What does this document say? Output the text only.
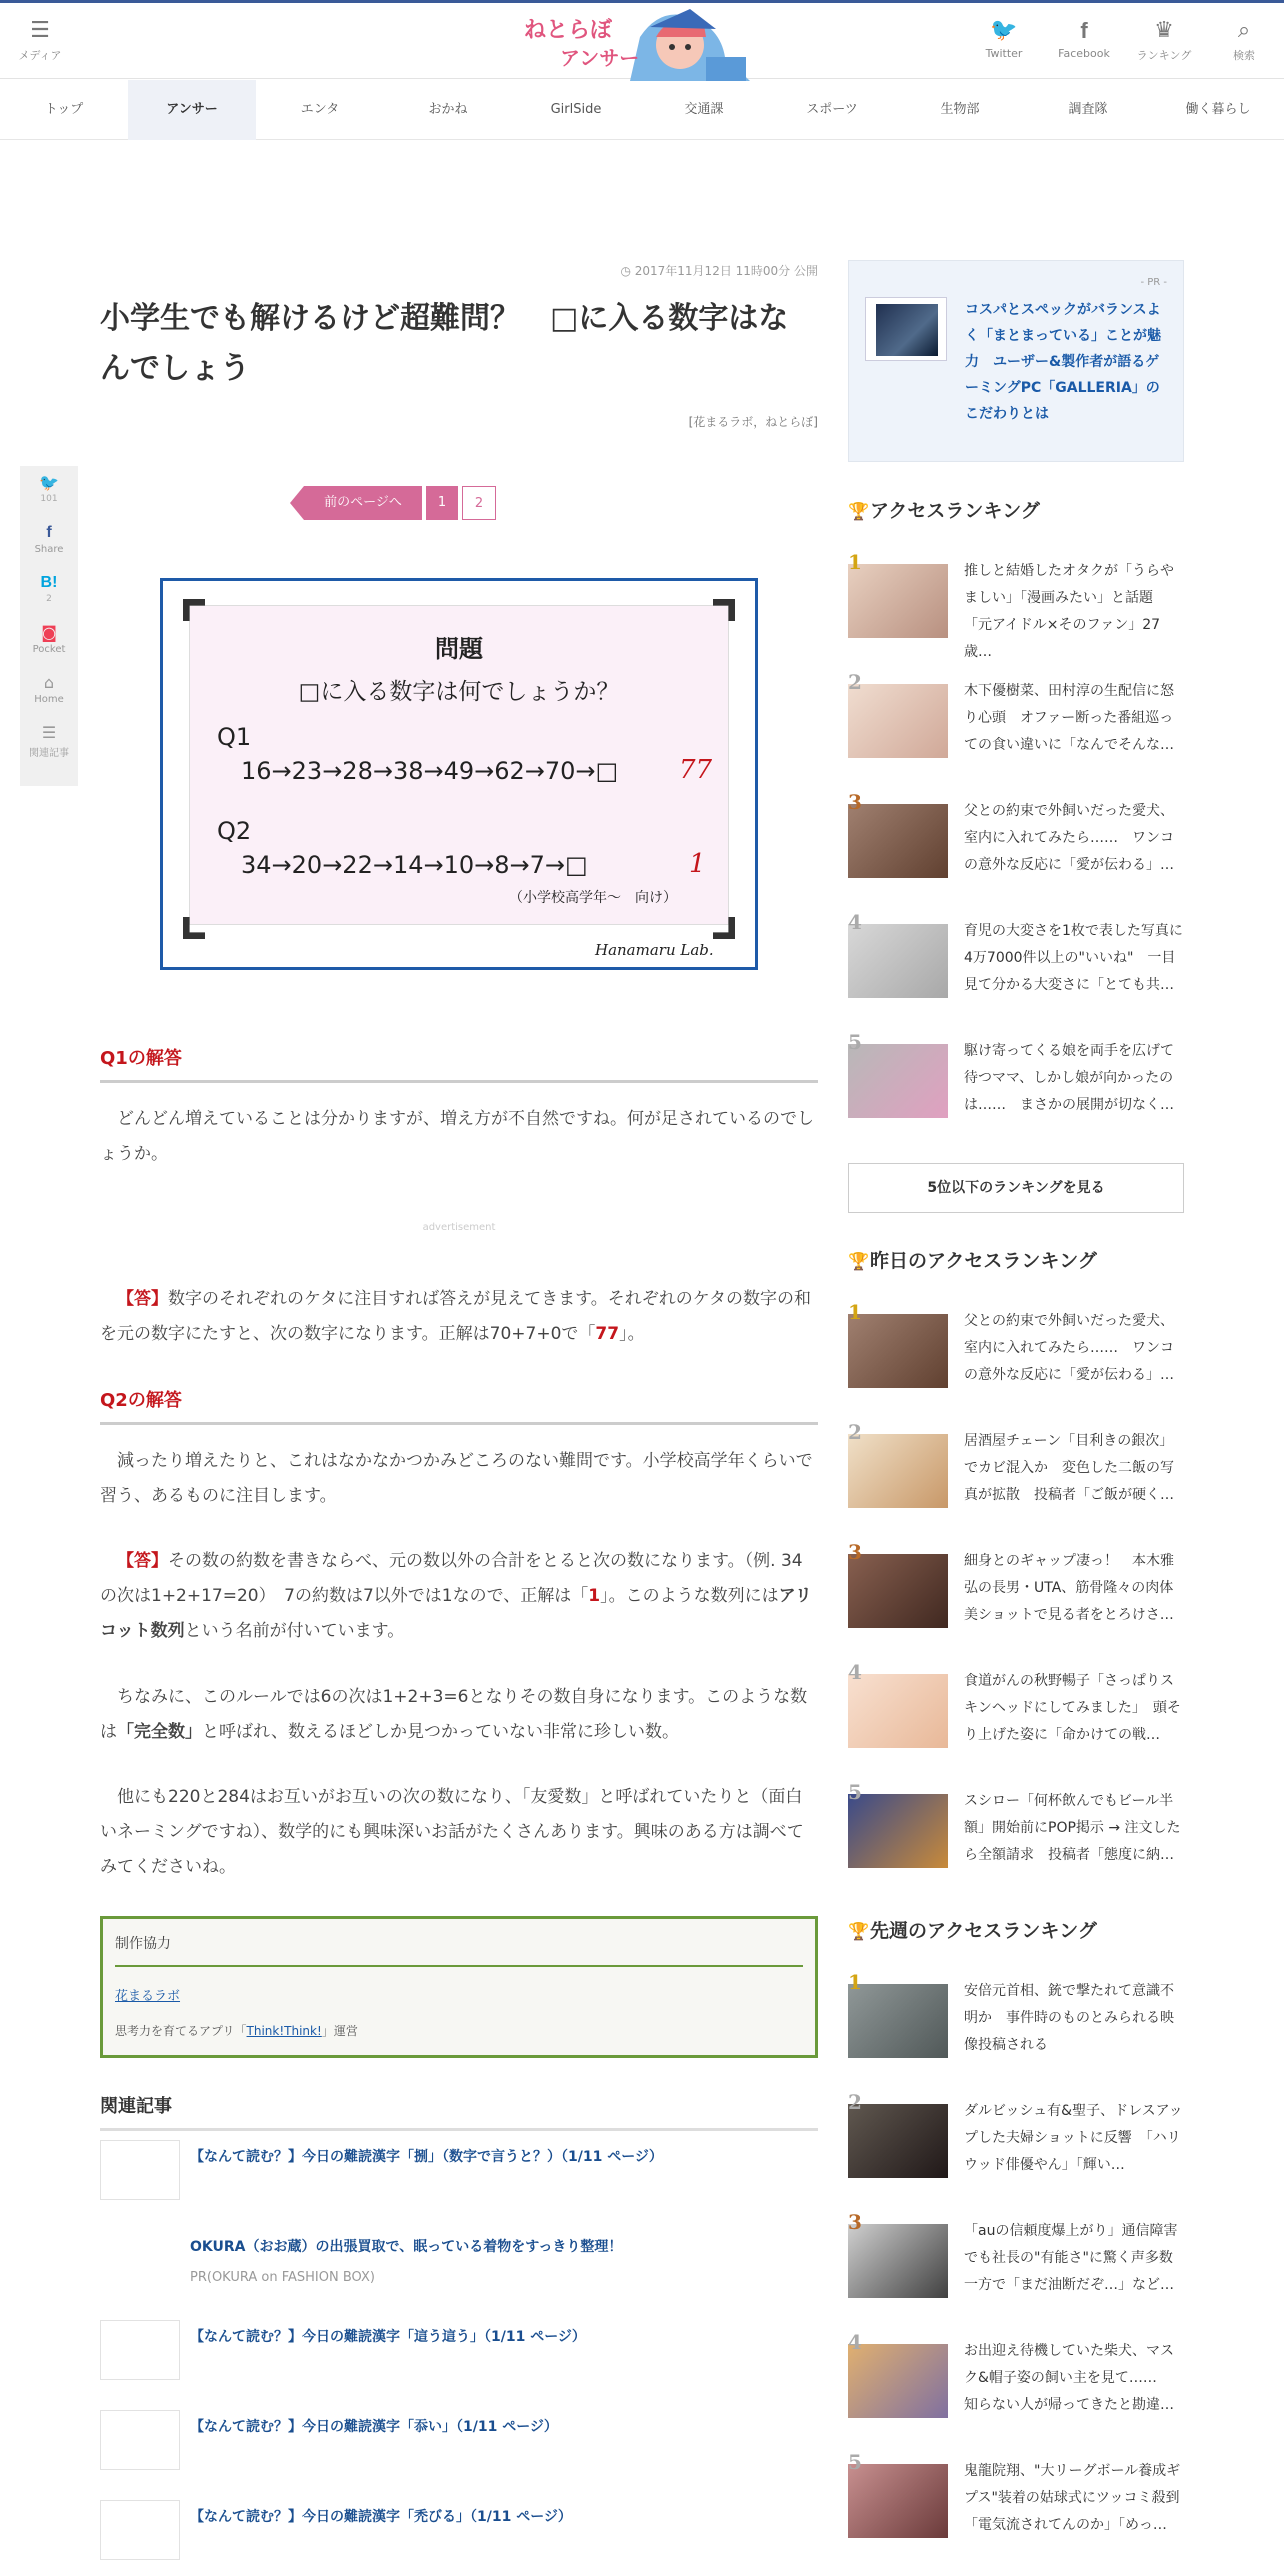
☰
メディア
ねとらぼ
アンサー
🐦
Twitter
f
Facebook
♛
ランキング
⌕
検索
トップ	アンサー	エンタ	おかね	GirlSide	交通課	スポーツ	生物部	調査隊	働く暮らし
🐦
101
f
Share
B!
2
◙
Pocket
⌂
Home
☰
関連記事
◷ 2017年11月12日 11時00分 公開
小学生でも解けるけど超難問？　□に入る数字はなんでしょう
[花まるラボ，ねとらぼ]
前のページへ	1	2
問題
□に入る数字は何でしょうか？
Q1
16→23→28→38→49→62→70→□ 77
Q2
34→20→22→14→10→8→7→□	1
（小学校高学年～　向け）
Hanamaru Lab.
Q1の解答

どんどん増えていることは分かりますが、増え方が不自然ですね。何が足されているのでしょうか。

advertisement

【答】数字のそれぞれのケタに注目すれば答えが見えてきます。それぞれのケタの数字の和を元の数字にたすと、次の数字になります。正解は70+7+0で「77」。

Q2の解答

減ったり増えたりと、これはなかなかつかみどころのない難問です。小学校高学年くらいで習う、あるものに注目します。

【答】その数の約数を書きならべ、元の数以外の合計をとると次の数になります。（例. 34の次は1+2+17=20）　7の約数は7以外では1なので、正解は「1」。このような数列にはアリコット数列という名前が付いています。

ちなみに、このルールでは6の次は1+2+3=6となりその数自身になります。このような数は「完全数」と呼ばれ、数えるほどしか見つかっていない非常に珍しい数。

他にも220と284はお互いがお互いの次の数になり、「友愛数」と呼ばれていたりと（面白いネーミングですね）、数学的にも興味深いお話がたくさんあります。興味のある方は調べてみてくださいね。

制作協力
花まるラボ
思考力を育てるアプリ「Think!Think!」運営
関連記事
【なんて読む？】今日の難読漢字「捌」（数字で言うと？）（1/11 ページ）
OKURA（おお蔵）の出張買取で、眠っている着物をすっきり整理！
PR(OKURA on FASHION BOX)
【なんて読む？】今日の難読漢字「這う這う」（1/11 ページ）
【なんて読む？】今日の難読漢字「忝い」（1/11 ページ）
【なんて読む？】今日の難読漢字「禿びる」（1/11 ページ）
- PR -
コスパとスペックがバランスよく「まとまっている」ことが魅力　ユーザー&製作者が語るゲーミングPC「GALLERIA」のこだわりとは
🏆アクセスランキング
1	推しと結婚したオタクが「うらやましい」「漫画みたい」と話題　「元アイドル×そのファン」27歳…
2	木下優樹菜、田村淳の生配信に怒り心頭　オファー断った番組巡っての食い違いに「なんでそんな…
3	父との約束で外飼いだった愛犬、室内に入れてみたら……　ワンコの意外な反応に「愛が伝わる」…
4	育児の大変さを1枚で表した写真に4万7000件以上の"いいね"　一目見て分かる大変さに「とても共…
5	駆け寄ってくる娘を両手を広げて待つママ、しかし娘が向かったのは……　まさかの展開が切なく…
5位以下のランキングを見る
🏆昨日のアクセスランキング
1	父との約束で外飼いだった愛犬、室内に入れてみたら……　ワンコの意外な反応に「愛が伝わる」…
2	居酒屋チェーン「目利きの銀次」でカビ混入か　変色した二飯の写真が拡散　投稿者「ご飯が硬く…
3	細身とのギャップ凄っ！　本木雅弘の長男・UTA、筋骨隆々の肉体美ショットで見る者をとろけさ…
4	食道がんの秋野暢子「さっぱりスキンヘッドにしてみました」　頭そり上げた姿に「命かけての戦…
5	スシロー「何杯飲んでもビール半額」開始前にPOP掲示 → 注文したら全額請求　投稿者「態度に納…
🏆先週のアクセスランキング
1	安倍元首相、銃で撃たれて意識不明か　事件時のものとみられる映像投稿される
2	ダルビッシュ有&聖子、ドレスアップした夫婦ショットに反響　「ハリウッド俳優やん」「輝い…
3	「auの信頼度爆上がり」通信障害でも社長の"有能さ"に驚く声多数　一方で「まだ油断だぞ…」など…
4	お出迎え待機していた柴犬、マスク&帽子姿の飼い主を見て……　知らない人が帰ってきたと勘違…
5	鬼龍院翔、"大リーグボール養成ギプス"装着の姑球式にツッコミ殺到　「電気流されてんのか」「めっ…
